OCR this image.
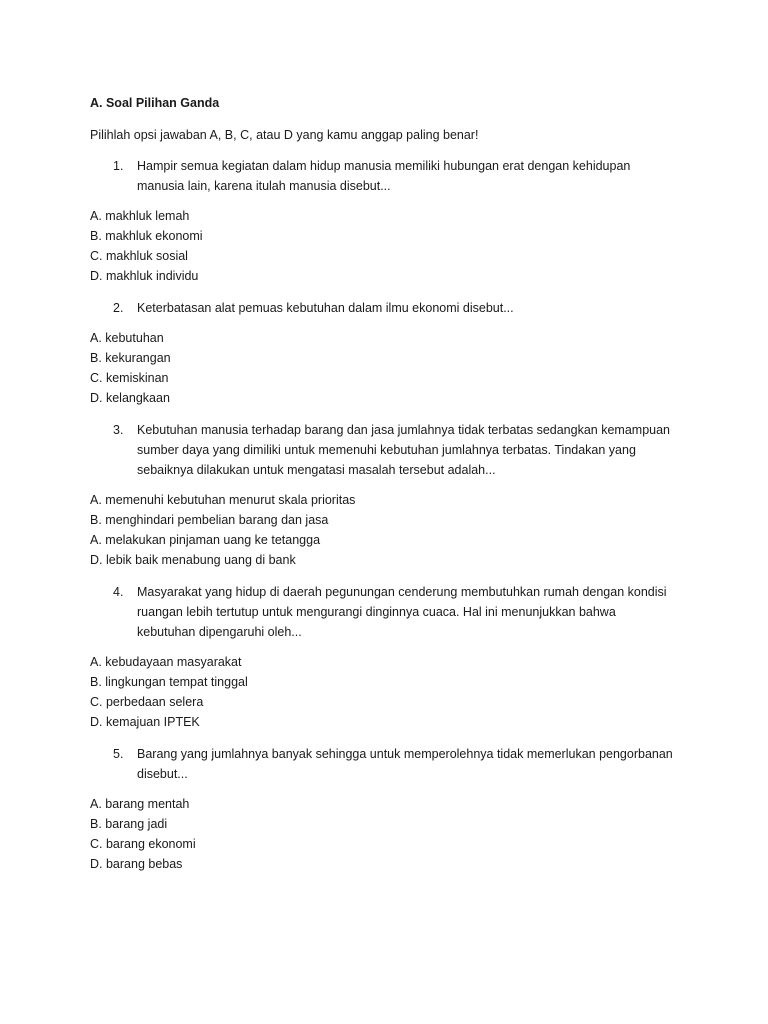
A. Soal Pilihan Ganda
Pilihlah opsi jawaban A, B, C, atau D yang kamu anggap paling benar!
1.	Hampir semua kegiatan dalam hidup manusia memiliki hubungan erat dengan kehidupan
manusia lain, karena itulah manusia disebut...
A. makhluk lemah
B. makhluk ekonomi
C. makhluk sosial
D. makhluk individu
2.	Keterbatasan alat pemuas kebutuhan dalam ilmu ekonomi disebut...
A. kebutuhan
B. kekurangan
C. kemiskinan
D. kelangkaan
3.	Kebutuhan manusia terhadap barang dan jasa jumlahnya tidak terbatas sedangkan kemampuan
sumber daya yang dimiliki untuk memenuhi kebutuhan jumlahnya terbatas. Tindakan yang
sebaiknya dilakukan untuk mengatasi masalah tersebut adalah...
A. memenuhi kebutuhan menurut skala prioritas
B. menghindari pembelian barang dan jasa
A. melakukan pinjaman uang ke tetangga
D. lebik baik menabung uang di bank
4.	Masyarakat yang hidup di daerah pegunungan cenderung membutuhkan rumah dengan kondisi
ruangan lebih tertutup untuk mengurangi dinginnya cuaca. Hal ini menunjukkan bahwa
kebutuhan dipengaruhi oleh...
A. kebudayaan masyarakat
B. lingkungan tempat tinggal
C. perbedaan selera
D. kemajuan IPTEK
5.	Barang yang jumlahnya banyak sehingga untuk memperolehnya tidak memerlukan pengorbanan
disebut...
A. barang mentah
B. barang jadi
C. barang ekonomi
D. barang bebas
